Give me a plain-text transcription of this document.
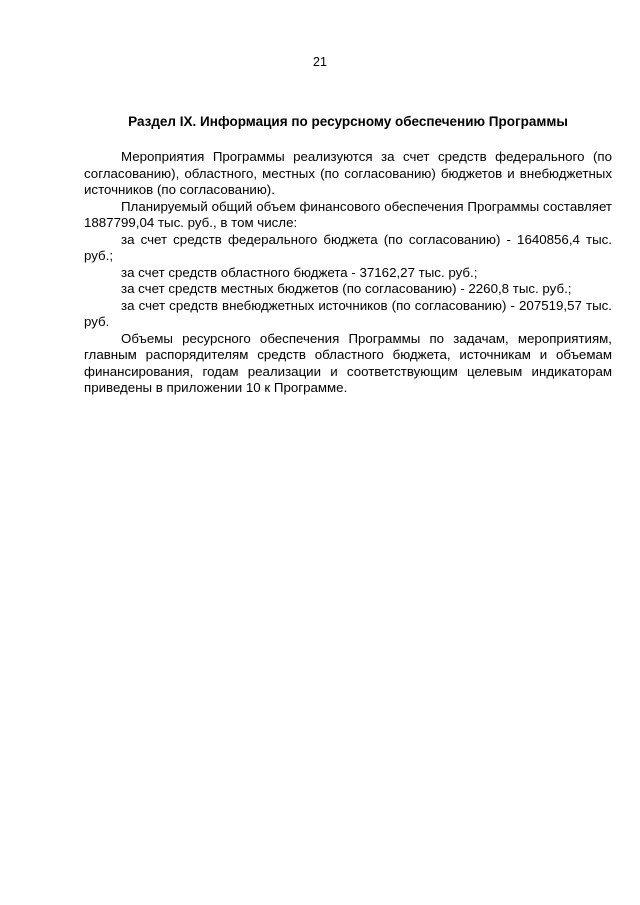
21
Раздел IX. Информация по ресурсному обеспечению Программы

Мероприятия Программы реализуются за счет средств федерального (по согласованию), областного, местных (по согласованию) бюджетов и внебюджетных источников (по согласованию).

Планируемый общий объем финансового обеспечения Программы составляет 1887799,04 тыс. руб., в том числе:

за счет средств федерального бюджета (по согласованию) - 1640856,4 тыс. руб.;

за счет средств областного бюджета - 37162,27 тыс. руб.;

за счет средств местных бюджетов (по согласованию) - 2260,8 тыс. руб.;

за счет средств внебюджетных источников (по согласованию) - 207519,57 тыс. руб.

Объемы ресурсного обеспечения Программы по задачам, мероприятиям, главным распорядителям средств областного бюджета, источникам и объемам финансирования, годам реализации и соответствующим целевым индикаторам приведены в приложении 10 к Программе.
